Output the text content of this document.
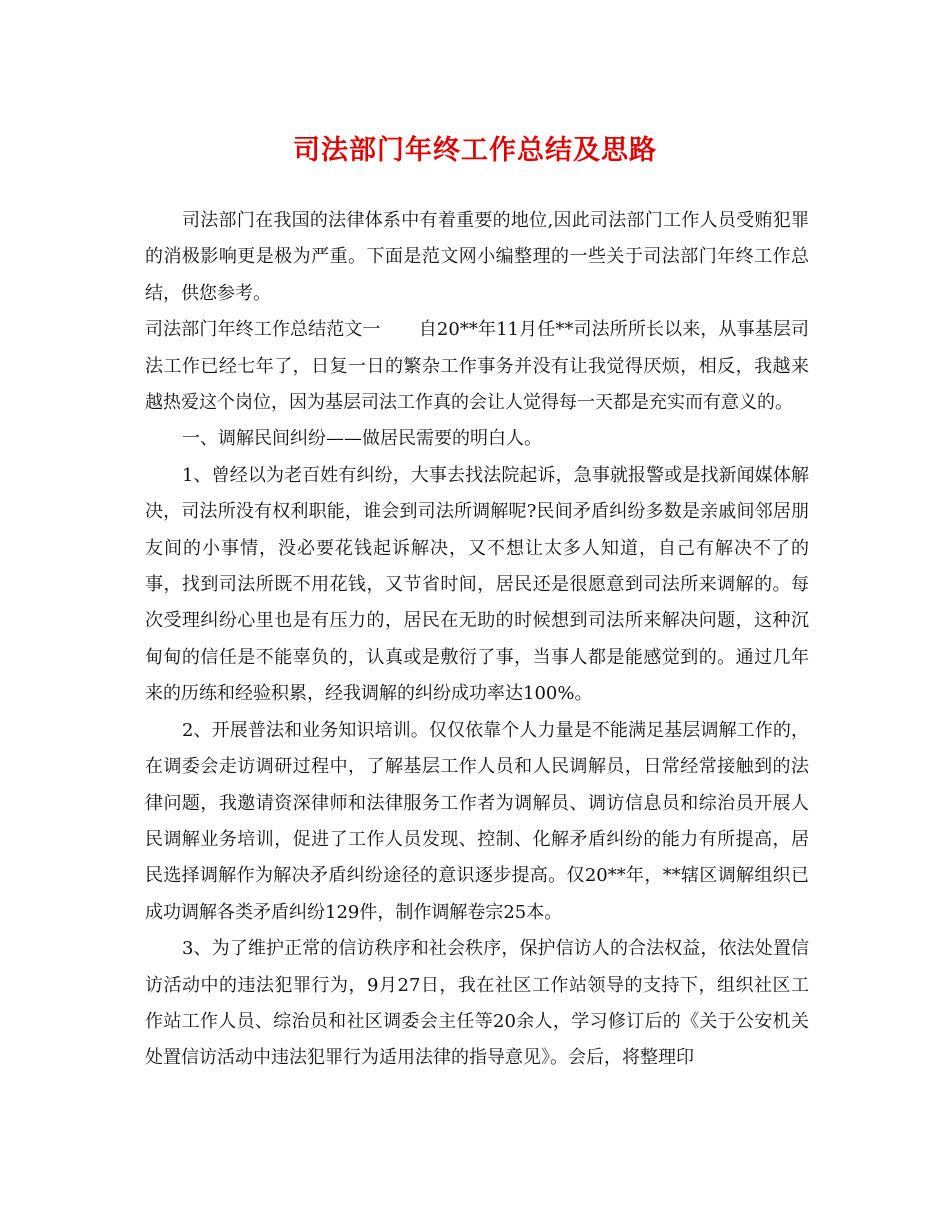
司法部门年终工作总结及思路

司法部门在我国的法律体系中有着重要的地位,因此司法部门工作人员受贿犯罪的消极影响更是极为严重。下面是范文网小编整理的一些关于司法部门年终工作总结，供您参考。

司法部门年终工作总结范文一 自20**年11月任**司法所所长以来，从事基层司法工作已经七年了，日复一日的繁杂工作事务并没有让我觉得厌烦，相反，我越来越热爱这个岗位，因为基层司法工作真的会让人觉得每一天都是充实而有意义的。

一、调解民间纠纷——做居民需要的明白人。

1、曾经以为老百姓有纠纷，大事去找法院起诉，急事就报警或是找新闻媒体解决，司法所没有权利职能，谁会到司法所调解呢?民间矛盾纠纷多数是亲戚间邻居朋友间的小事情，没必要花钱起诉解决，又不想让太多人知道，自己有解决不了的事，找到司法所既不用花钱，又节省时间，居民还是很愿意到司法所来调解的。每次受理纠纷心里也是有压力的，居民在无助的时候想到司法所来解决问题，这种沉甸甸的信任是不能辜负的，认真或是敷衍了事，当事人都是能感觉到的。通过几年来的历练和经验积累，经我调解的纠纷成功率达100%。

2、开展普法和业务知识培训。仅仅依靠个人力量是不能满足基层调解工作的，在调委会走访调研过程中，了解基层工作人员和人民调解员，日常经常接触到的法律问题，我邀请资深律师和法律服务工作者为调解员、调访信息员和综治员开展人民调解业务培训，促进了工作人员发现、控制、化解矛盾纠纷的能力有所提高，居民选择调解作为解决矛盾纠纷途径的意识逐步提高。仅20**年，**辖区调解组织已成功调解各类矛盾纠纷129件，制作调解卷宗25本。

3、为了维护正常的信访秩序和社会秩序，保护信访人的合法权益，依法处置信访活动中的违法犯罪行为，9月27日，我在社区工作站领导的支持下，组织社区工作站工作人员、综治员和社区调委会主任等20余人，学习修订后的《关于公安机关处置信访活动中违法犯罪行为适用法律的指导意见》。会后，将整理印
